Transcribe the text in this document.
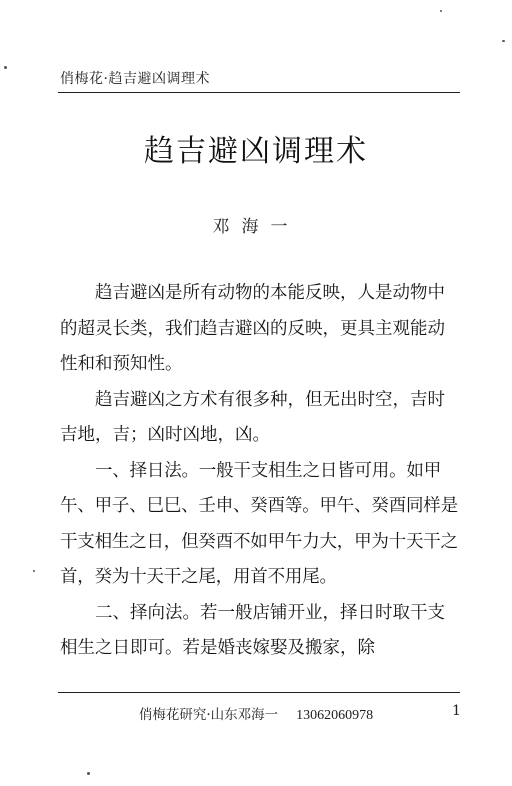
俏梅花·趋吉避凶调理术
趋吉避凶调理术
邓海一

趋吉避凶是所有动物的本能反映，人是动物中的超灵长类，我们趋吉避凶的反映，更具主观能动性和和预知性。

趋吉避凶之方术有很多种，但无出时空，吉时吉地，吉；凶时凶地，凶。

一、择日法。一般干支相生之日皆可用。如甲午、甲子、巳巳、壬申、癸酉等。甲午、癸酉同样是干支相生之日，但癸酉不如甲午力大，甲为十天干之首，癸为十天干之尾，用首不用尾。

二、择向法。若一般店铺开业，择日时取干支相生之日即可。若是婚丧嫁娶及搬家，除

俏梅花研究·山东邓海一 13062060978	1
